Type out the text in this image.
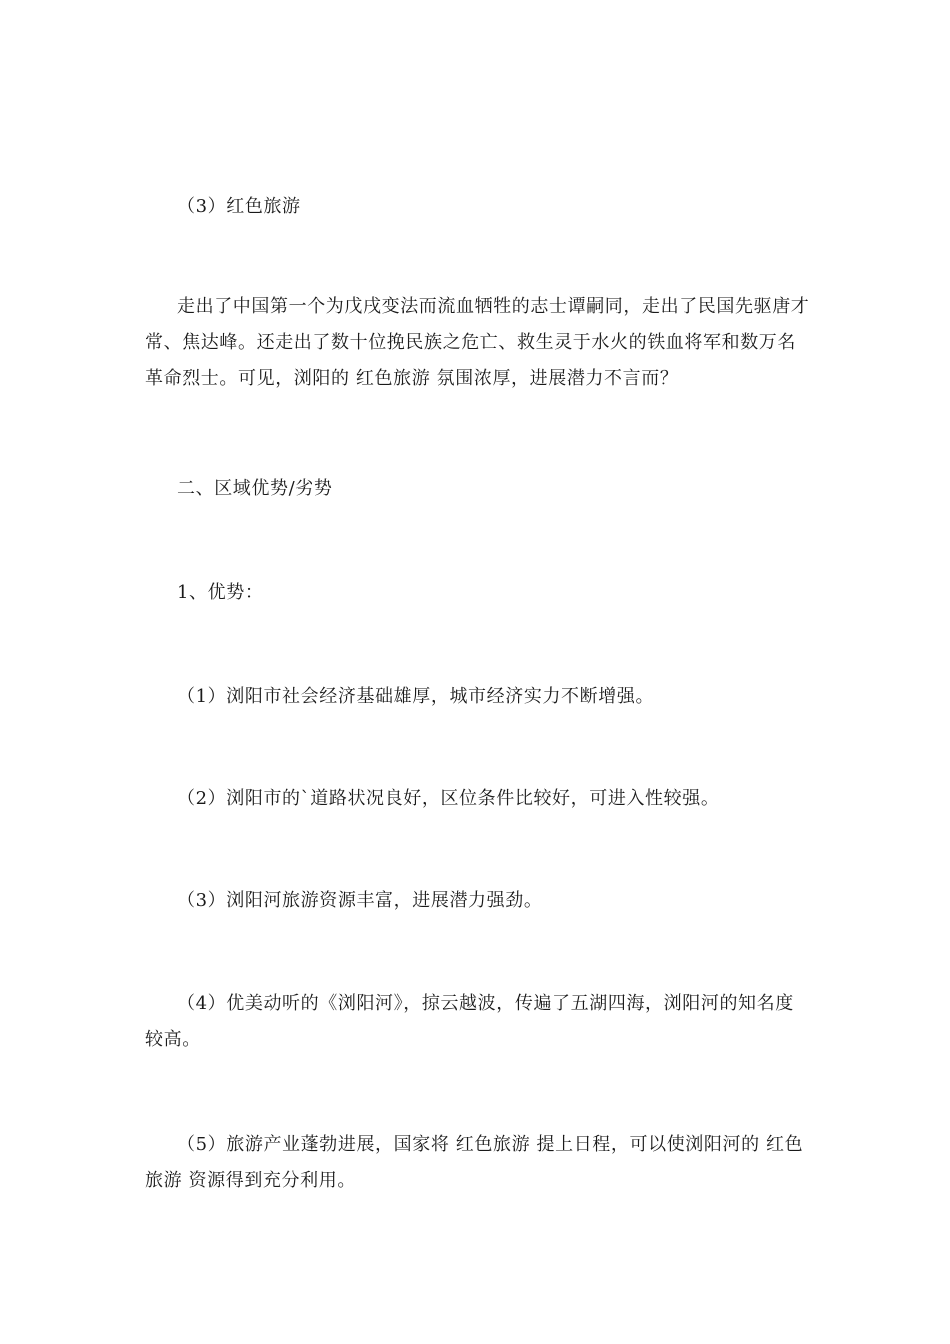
（3）红色旅游

走出了中国第一个为戊戌变法而流血牺牲的志士谭嗣同，走出了民国先驱唐才常、焦达峰。还走出了数十位挽民族之危亡、救生灵于水火的铁血将军和数万名革命烈士。可见，浏阳的 红色旅游 氛围浓厚，进展潜力不言而？

二、区域优势/劣势

1、优势：

（1）浏阳市社会经济基础雄厚，城市经济实力不断增强。

（2）浏阳市的`道路状况良好，区位条件比较好，可进入性较强。

（3）浏阳河旅游资源丰富，进展潜力强劲。

（4）优美动听的《浏阳河》，掠云越波，传遍了五湖四海，浏阳河的知名度较高。

（5）旅游产业蓬勃进展，国家将 红色旅游 提上日程，可以使浏阳河的 红色旅游 资源得到充分利用。
